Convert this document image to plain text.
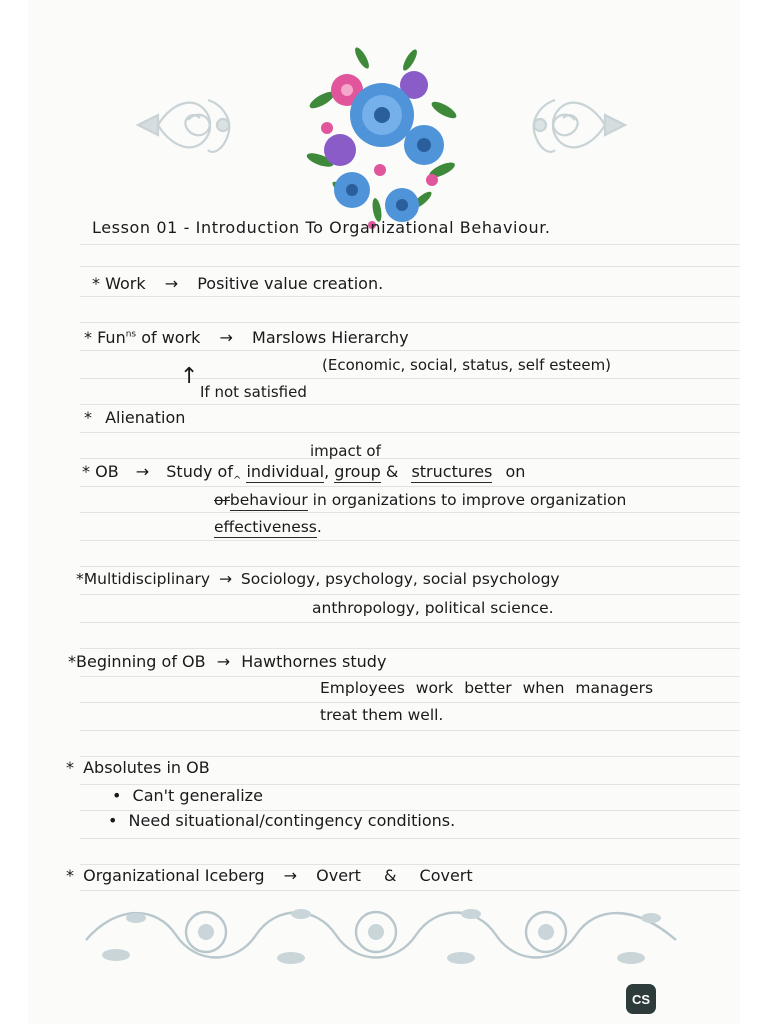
Lesson 01 - Introduction To Organizational Behaviour.
* Work → Positive value creation.
* Fun$^{ns}$ of work → Marslows Hierarchy
(Economic, social, status, self esteem)
↑
If not satisfied
* Alienation
impact of
* OB → Study $of_{\^{}}$ individual, group & structures on
orbehaviour in organizations to improve organization
effectiveness.
*Multidisciplinary → Sociology, psychology, social psychology
anthropology, political science.
*Beginning of OB → Hawthornes study
Employees work better when managers
treat them well.
* Absolutes in OB
• Can't generalize
• Need situational/contingency conditions.
* Organizational Iceberg → Overt & Covert
CS
